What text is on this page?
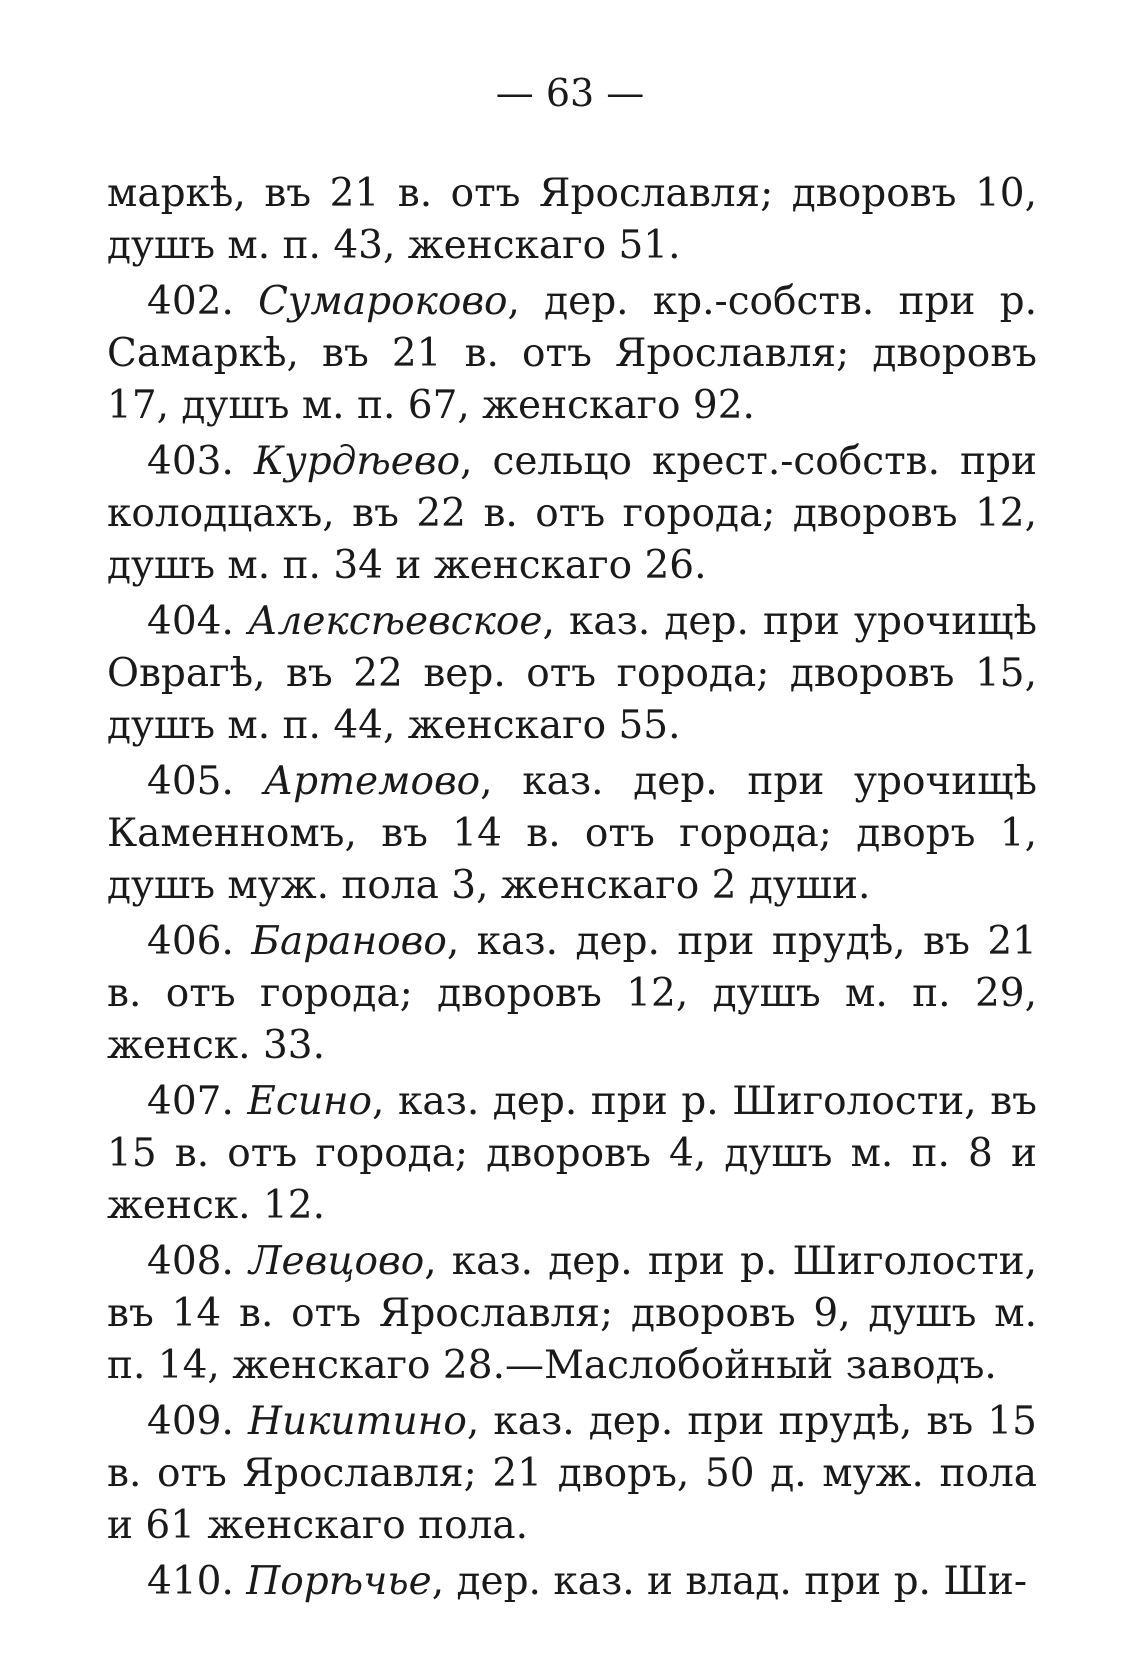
— 63 —

маркѣ, въ 21 в. отъ Ярославля; дворовъ 10, душъ м. п. 43, женскаго 51.

402. Сумароково, дер. кр.-собств. при р. Самаркѣ, въ 21 в. отъ Ярославля; дворовъ 17, душъ м. п. 67, женскаго 92.

403. Курдѣево, сельцо крест.-собств. при колодцахъ, въ 22 в. отъ города; дворовъ 12, душъ м. п. 34 и женскаго 26.

404. Алексѣевское, каз. дер. при урочищѣ Оврагѣ, въ 22 вер. отъ города; дворовъ 15, душъ м. п. 44, женскаго 55.

405. Артемово, каз. дер. при урочищѣ Каменномъ, въ 14 в. отъ города; дворъ 1, душъ муж. пола 3, женскаго 2 души.

406. Бараново, каз. дер. при прудѣ, въ 21 в. отъ города; дворовъ 12, душъ м. п. 29, женск. 33.

407. Есино, каз. дер. при р. Шиголости, въ 15 в. отъ города; дворовъ 4, душъ м. п. 8 и женск. 12.

408. Левцово, каз. дер. при р. Шиголости, въ 14 в. отъ Ярославля; дворовъ 9, душъ м. п. 14, женскаго 28.—Маслобойный заводъ.

409. Никитино, каз. дер. при прудѣ, въ 15 в. отъ Ярославля; 21 дворъ, 50 д. муж. пола и 61 женскаго пола.

410. Порѣчье, дер. каз. и влад. при р. Ши-
